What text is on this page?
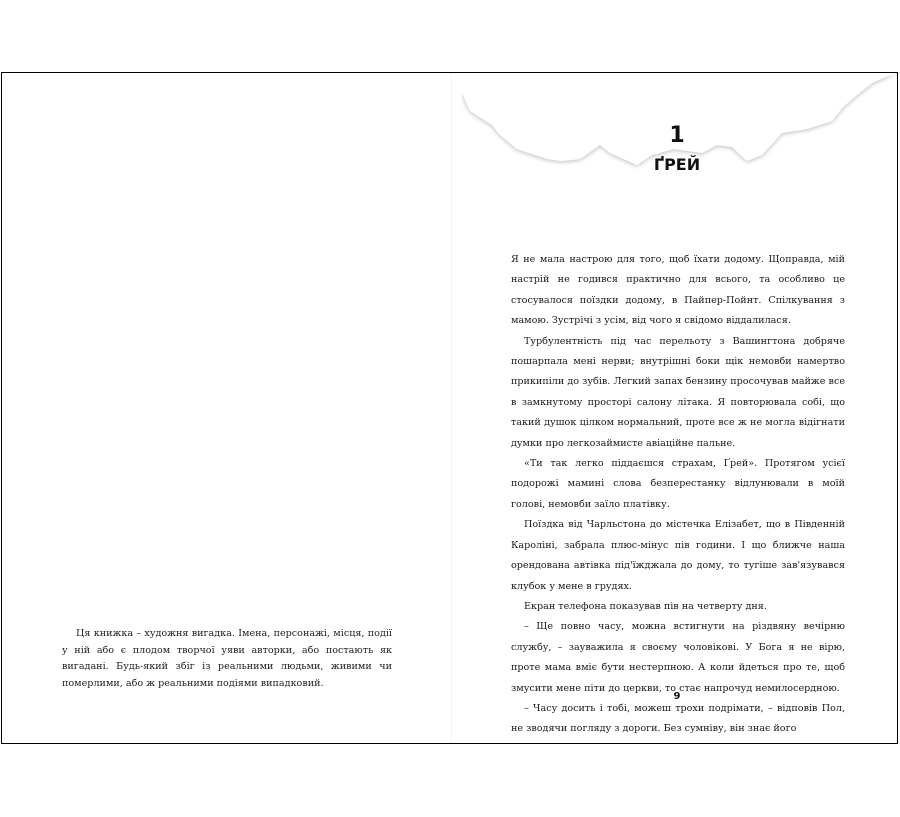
Ця книжка – художня вигадка. Імена, персонажі, місця, події у ній або є плодом творчої уяви авторки, або постають як вигадані. Будь-який збіг із реальними людьми, живими чи померлими, або ж реальними подіями випадковий.

1
ҐРЕЙ

Я не мала настрою для того, щоб їхати додому. Щоправда, мій настрій не годився практично для всього, та особливо це стосувалося поїздки додому, в Пайпер-Пойнт. Спілкування з мамою. Зустрічі з усім, від чого я свідомо віддалилася.

Турбулентність під час перельоту з Вашингтона добряче пошарпала мені нерви; внутрішні боки щік немовби намертво прикипіли до зубів. Легкий запах бензину просочував майже все в замкнутому просторі салону літака. Я повторювала собі, що такий душок цілком нормальний, проте все ж не могла відігнати думки про легкозаймисте авіаційне пальне.

«Ти так легко піддаєшся страхам, Ґрей». Протягом усієї подорожі мамині слова безперестанку відлунювали в моїй голові, немовби заїло платівку.

Поїздка від Чарльстона до містечка Елізабет, що в Південній Кароліні, забрала плюс-мінус пів години. І що ближче наша орендована автівка під'їжджала до дому, то тугіше зав'язувався клубок у мене в грудях.

Екран телефона показував пів на четверту дня.

– Ще повно часу, можна встигнути на різдвяну вечірню службу, – зауважила я своєму чоловікові. У Бога я не вірю, проте мама вміє бути нестерпною. А коли йдеться про те, щоб змусити мене піти до церкви, то стає напрочуд немилосердною.

– Часу досить і тобі, можеш трохи подрімати, – відповів Пол, не зводячи погляду з дороги. Без сумніву, він знає його

9
